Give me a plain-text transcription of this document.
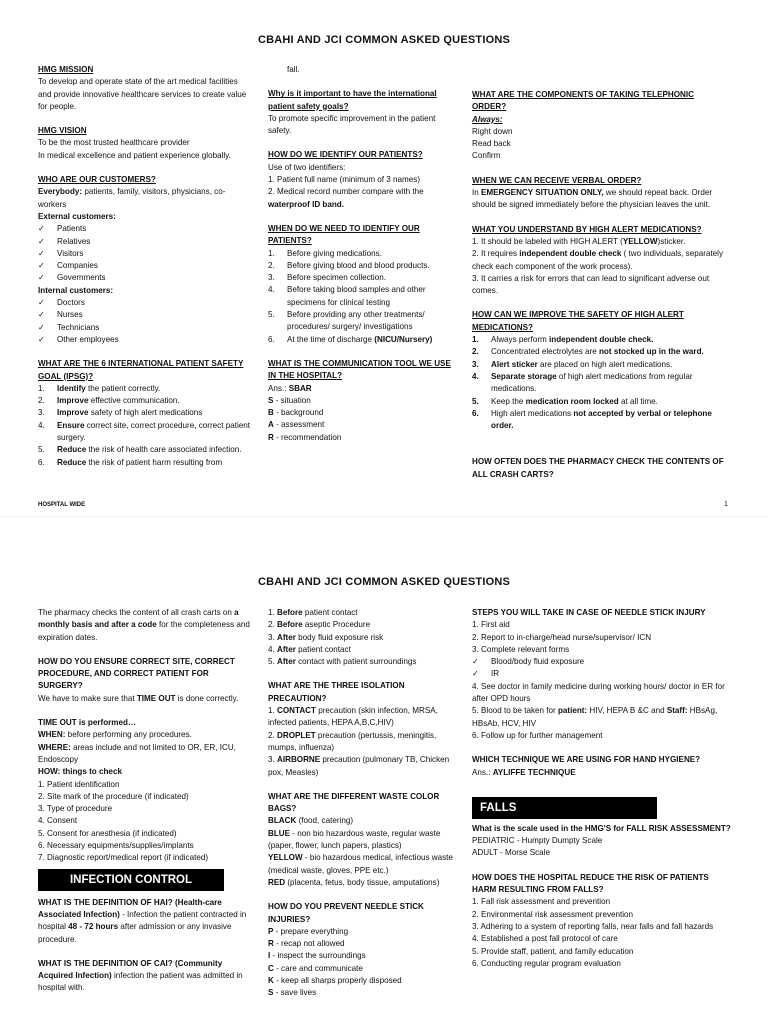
CBAHI AND JCI COMMON ASKED QUESTIONS

HMG MISSION

To develop and operate state of the art medical facilities and provide innovative healthcare services to create value for people.

HMG VISION

To be the most trusted healthcare provider

In medical excellence and patient experience globally.

WHO ARE OUR CUSTOMERS?

Everybody: patients, family, visitors, physicians, co-workers

External customers:

✓ Patients
✓ Relatives
✓ Visitors
✓ Companies
✓ Governments

Internal customers:

✓ Doctors
✓ Nurses
✓ Technicians
✓ Other employees

WHAT ARE THE 6 INTERNATIONAL PATIENT SAFETY GOAL (IPSG)?

1. Identify the patient correctly.
2. Improve effective communication.
3. Improve safety of high alert medications
4. Ensure correct site, correct procedure, correct patient surgery.
5. Reduce the risk of health care associated infection.
6. Reduce the risk of patient harm resulting from

fall.

Why is it important to have the international patient safety goals?

To promote specific improvement in the patient safety.

HOW DO WE IDENTIFY OUR PATIENTS?

Use of two identifiers:

1. Patient full name (minimum of 3 names)

2. Medical record number compare with the waterproof ID band.

WHEN DO WE NEED TO IDENTIFY OUR PATIENTS?

1. Before giving medications.
2. Before giving blood and blood products.
3. Before specimen collection.
4. Before taking blood samples and other specimens for clinical testing
5. Before providing any other treatments/ procedures/ surgery/ investigations
6. At the time of discharge (NICU/Nursery)

WHAT IS THE COMMUNICATION TOOL WE USE IN THE HOSPITAL?

Ans.: SBAR

S - situation

B - background

A - assessment

R - recommendation

WHAT ARE THE COMPONENTS OF TAKING TELEPHONIC ORDER?

Always:

Right down

Read back

Confirm

WHEN WE CAN RECEIVE VERBAL ORDER?

In EMERGENCY SITUATION ONLY, we should repeat back. Order should be signed immediately before the physician leaves the unit.

WHAT YOU UNDERSTAND BY HIGH ALERT MEDICATIONS?

1. It should be labeled with HIGH ALERT (YELLOW)sticker.

2. It requires independent double check ( two individuals, separately check each component of the work process).

3. It carries a risk for errors that can lead to significant adverse out comes.

HOW CAN WE IMPROVE THE SAFETY OF HIGH ALERT MEDICATIONS?

1. Always perform independent double check.
2. Concentrated electrolytes are not stocked up in the ward.
3. Alert sticker are placed on high alert medications.
4. Separate storage of high alert medications from regular medications.
5. Keep the medication room locked at all time.
6. High alert medications not accepted by verbal or telephone order.

HOW OFTEN DOES THE PHARMACY CHECK THE CONTENTS OF ALL CRASH CARTS?

HOSPITAL WIDE	1
CBAHI AND JCI COMMON ASKED QUESTIONS

The pharmacy checks the content of all crash carts on a monthly basis and after a code for the completeness and expiration dates.

HOW DO YOU ENSURE CORRECT SITE, CORRECT PROCEDURE, AND CORRECT PATIENT FOR SURGERY?

We have to make sure that TIME OUT is done correctly.

TIME OUT is performed…

WHEN: before performing any procedures.

WHERE: areas include and not limited to OR, ER, ICU, Endoscopy

HOW: things to check

1. Patient identification

2. Site mark of the procedure (if indicated)

3. Type of procedure

4. Consent

5. Consent for anesthesia (if indicated)

6. Necessary equipments/supplies/implants

7. Diagnostic report/medical report (if indicated)

INFECTION CONTROL

WHAT IS THE DEFINITION OF HAI? (Health-care Associated Infection) - Infection the patient contracted in hospital 48 - 72 hours after admission or any invasive procedure.

WHAT IS THE DEFINITION OF CAI? (Community Acquired Infection) infection the patient was admitted in hospital with.

1. Before patient contact

2. Before aseptic Procedure

3. After body fluid exposure risk

4. After patient contact

5. After contact with patient surroundings

WHAT ARE THE THREE ISOLATION PRECAUTION?

1. CONTACT precaution (skin infection, MRSA, infected patients, HEPA A,B,C,HIV)

2. DROPLET precaution (pertussis, meningitis, mumps, influenza)

3. AIRBORNE precaution (pulmonary TB, Chicken pox, Measles)

WHAT ARE THE DIFFERENT WASTE COLOR BAGS?

BLACK (food, catering)

BLUE - non bio hazardous waste, regular waste (paper, flower, lunch papers, plastics)

YELLOW - bio hazardous medical, infectious waste (medical waste, gloves, PPE etc.)

RED (placenta, fetus, body tissue, amputations)

HOW DO YOU PREVENT NEEDLE STICK INJURIES?

P - prepare everything

R - recap not allowed

I - inspect the surroundings

C - care and communicate

K - keep all sharps properly disposed

S - save lives

STEPS YOU WILL TAKE IN CASE OF NEEDLE STICK INJURY

1. First aid

2. Report to in-charge/head nurse/supervisor/ ICN

3. Complete relevant forms

✓ Blood/body fluid exposure
✓ IR

4. See doctor in family medicine during working hours/ doctor in ER for after OPD hours

5. Blood to be taken for patient: HIV, HEPA B &C and Staff: HBsAg, HBsAb, HCV, HIV

6. Follow up for further management

WHICH TECHNIQUE WE ARE USING FOR HAND HYGIENE?

Ans.: AYLIFFE TECHNIQUE

FALLS

What is the scale used in the HMG'S for FALL RISK ASSESSMENT?

PEDIATRIC - Humpty Dumpty Scale

ADULT - Morse Scale

HOW DOES THE HOSPITAL REDUCE THE RISK OF PATIENTS HARM RESULTING FROM FALLS?

1. Fall risk assessment and prevention

2. Environmental risk assessment prevention

3. Adhering to a system of reporting falls, near falls and fall hazards

4. Established a post fall protocol of care

5. Provide staff, patient, and family education

6. Conducting regular program evaluation
